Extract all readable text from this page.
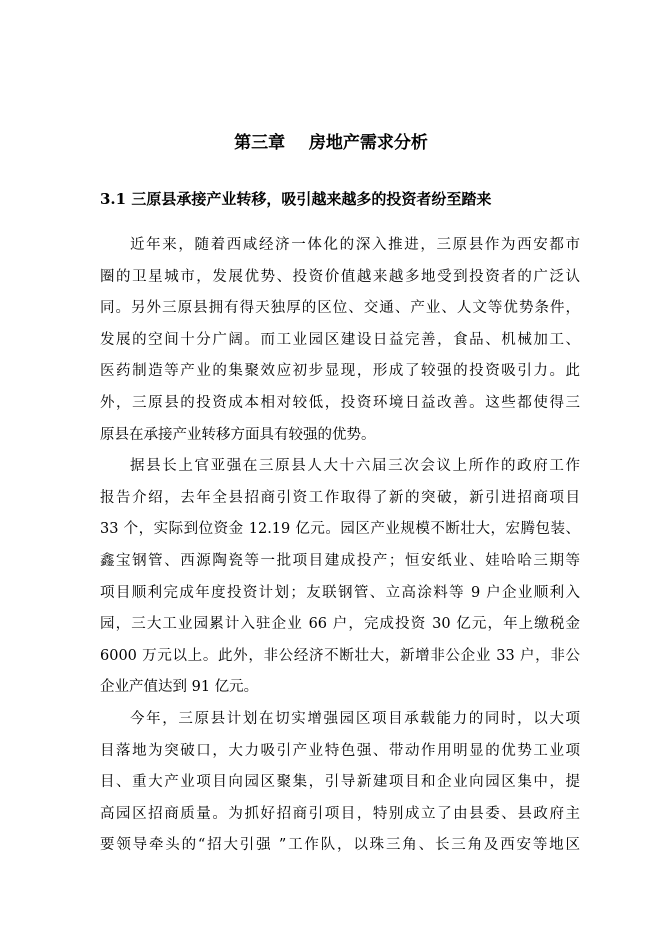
第三章    房地产需求分析
3.1 三原县承接产业转移，吸引越来越多的投资者纷至踏来
近年来，随着西咸经济一体化的深入推进，三原县作为西安都市
圈的卫星城市，发展优势、投资价值越来越多地受到投资者的广泛认
同。另外三原县拥有得天独厚的区位、交通、产业、人文等优势条件，
发展的空间十分广阔。而工业园区建设日益完善，食品、机械加工、
医药制造等产业的集聚效应初步显现，形成了较强的投资吸引力。此
外，三原县的投资成本相对较低，投资环境日益改善。这些都使得三
原县在承接产业转移方面具有较强的优势。
据县长上官亚强在三原县人大十六届三次会议上所作的政府工作
报告介绍，去年全县招商引资工作取得了新的突破，新引进招商项目
33 个，实际到位资金 12.19 亿元。园区产业规模不断壮大，宏腾包装、
鑫宝钢管、西源陶瓷等一批项目建成投产；恒安纸业、娃哈哈三期等
项目顺利完成年度投资计划；友联钢管、立高涂料等 9 户企业顺利入
园，三大工业园累计入驻企业 66 户，完成投资 30 亿元，年上缴税金
6000 万元以上。此外，非公经济不断壮大，新增非公企业 33 户，非公
企业产值达到 91 亿元。
今年，三原县计划在切实增强园区项目承载能力的同时，以大项
目落地为突破口，大力吸引产业特色强、带动作用明显的优势工业项
目、重大产业项目向园区聚集，引导新建项目和企业向园区集中，提
高园区招商质量。为抓好招商引项目，特别成立了由县委、县政府主
要领导牵头的“招大引强 ”工作队，以珠三角、长三角及西安等地区
